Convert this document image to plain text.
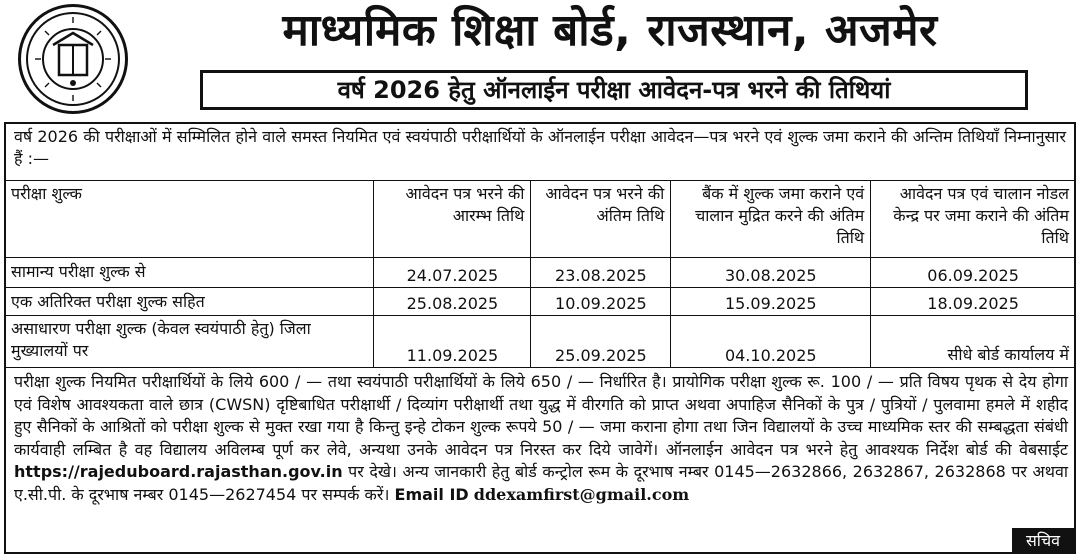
माध्यमिक शिक्षा बोर्ड, राजस्थान, अजमेर
वर्ष 2026 हेतु ऑनलाईन परीक्षा आवेदन-पत्र भरने की तिथियां
वर्ष 2026 की परीक्षाओं में सम्मिलित होने वाले समस्त नियमित एवं स्वयंपाठी परीक्षार्थियों के ऑनलाईन परीक्षा आवेदन—पत्र भरने एवं शुल्क जमा कराने की अन्तिम तिथियाँ निम्नानुसार हैं :—
परीक्षा शुल्क	आवेदन पत्र भरने की आरम्भ तिथि	आवेदन पत्र भरने की अंतिम तिथि	बैंक में शुल्क जमा कराने एवं चालान मुद्रित करने की अंतिम तिथि	आवेदन पत्र एवं चालान नोडल केन्द्र पर जमा कराने की अंतिम तिथि
सामान्य परीक्षा शुल्क से	24.07.2025	23.08.2025	30.08.2025	06.09.2025
एक अतिरिक्त परीक्षा शुल्क सहित	25.08.2025	10.09.2025	15.09.2025	18.09.2025
असाधारण परीक्षा शुल्क (केवल स्वयंपाठी हेतु) जिला मुख्यालयों पर	11.09.2025	25.09.2025	04.10.2025	सीधे बोर्ड कार्यालय में
परीक्षा शुल्क नियमित परीक्षार्थियों के लिये 600 / — तथा स्वयंपाठी परीक्षार्थियों के लिये 650 / — निर्धारित है। प्रायोगिक परीक्षा शुल्क रू. 100 / — प्रति विषय पृथक से देय होगा एवं विशेष आवश्यकता वाले छात्र (CWSN) दृष्टिबाधित परीक्षार्थी / दिव्यांग परीक्षार्थी तथा युद्ध में वीरगति को प्राप्त अथवा अपाहिज सैनिकों के पुत्र / पुत्रियों / पुलवामा हमले में शहीद हुए सैनिकों के आश्रितों को परीक्षा शुल्क से मुक्त रखा गया है किन्तु इन्हे टोकन शुल्क रूपये 50 / — जमा कराना होगा तथा जिन विद्यालयों के उच्च माध्यमिक स्तर की सम्बद्धता संबंधी कार्यवाही लम्बित है वह विद्यालय अविलम्ब पूर्ण कर लेवे, अन्यथा उनके आवेदन पत्र निरस्त कर दिये जावेगें। ऑनलाईन आवेदन पत्र भरने हेतु आवश्यक निर्देश बोर्ड की वेबसाईट https://rajeduboard.rajasthan.gov.in पर देखे। अन्य जानकारी हेतु बोर्ड कन्ट्रोल रूम के दूरभाष नम्बर 0145—2632866, 2632867, 2632868 पर अथवा ए.सी.पी. के दूरभाष नम्बर 0145—2627454 पर सम्पर्क करें। Email ID ddexamfirst@gmail.com
सचिव
